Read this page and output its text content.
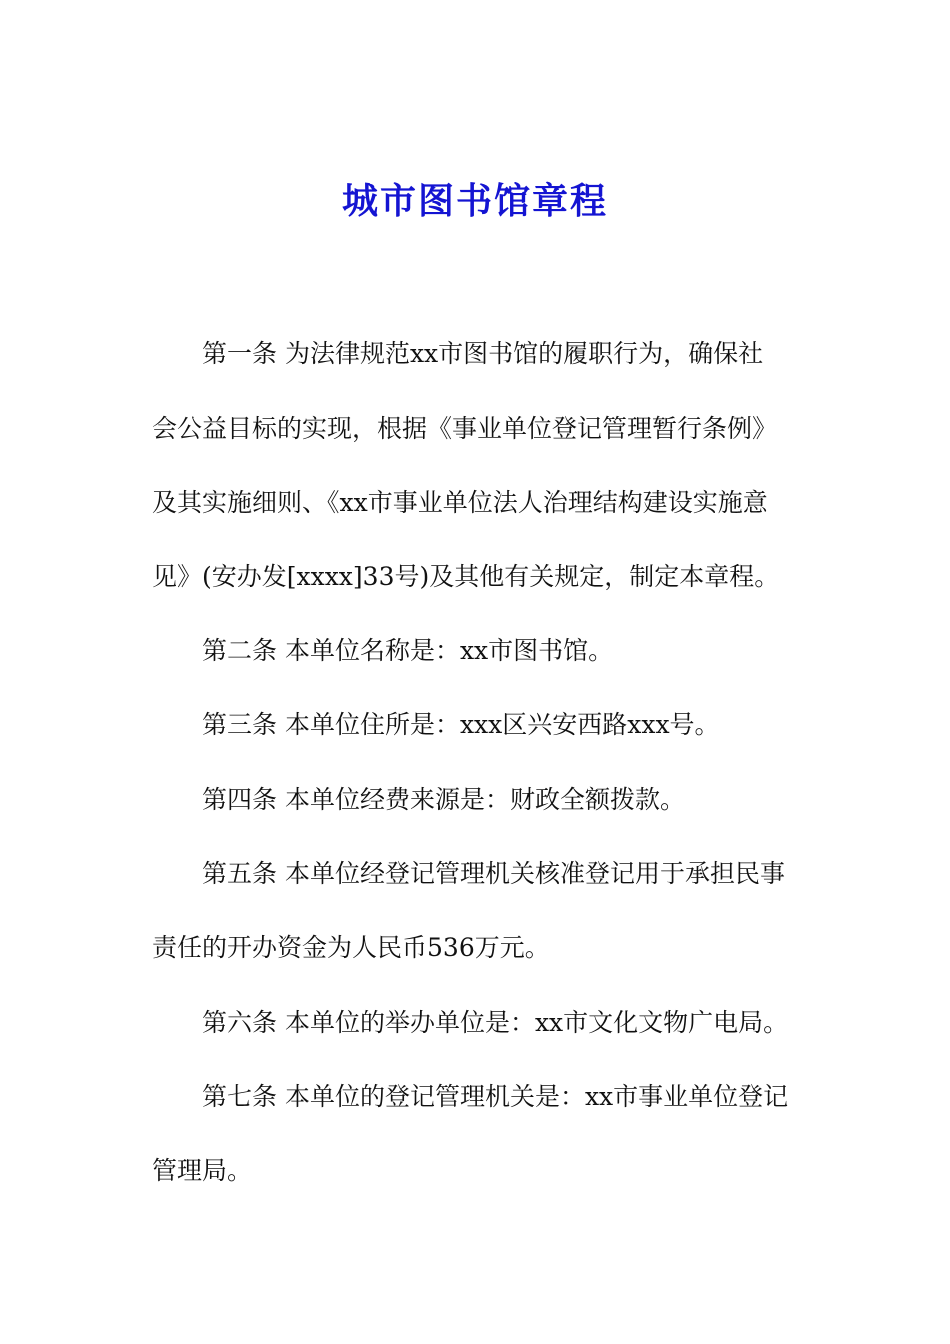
城市图书馆章程

第一条 为法律规范xx市图书馆的履职行为，确保社

会公益目标的实现，根据《事业单位登记管理暂行条例》

及其实施细则、《xx市事业单位法人治理结构建设实施意

见》(安办发[xxxx]33号)及其他有关规定，制定本章程。

第二条 本单位名称是：xx市图书馆。

第三条 本单位住所是：xxx区兴安西路xxx号。

第四条 本单位经费来源是：财政全额拨款。

第五条 本单位经登记管理机关核准登记用于承担民事

责任的开办资金为人民币536万元。

第六条 本单位的举办单位是：xx市文化文物广电局。

第七条 本单位的登记管理机关是：xx市事业单位登记

管理局。
